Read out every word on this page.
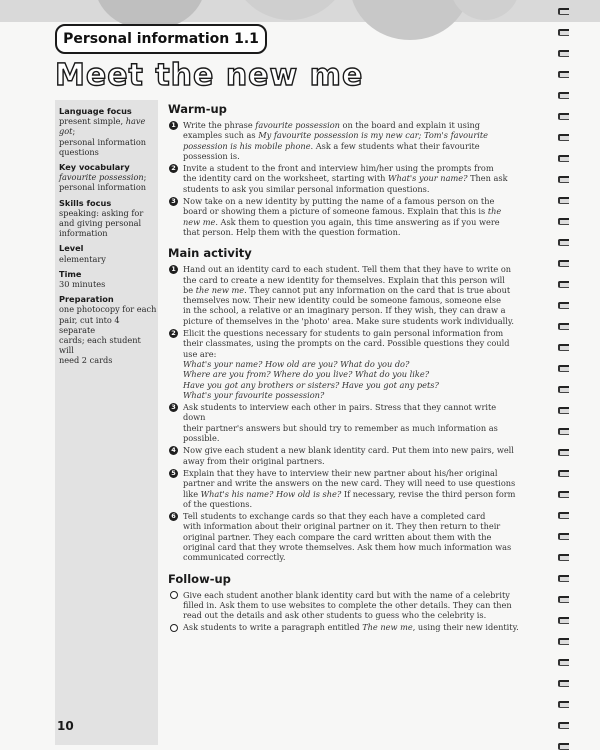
Personal information 1.1
Meet the new me
Language focus
present simple, have got;
personal information
questions
Key vocabulary
favourite possession;
personal information
Skills focus
speaking: asking for
and giving personal
information
Level
elementary
Time
30 minutes
Preparation
one photocopy for each
pair, cut into 4 separate
cards; each student will
need 2 cards
10
Warm-up
1 Write the phrase favourite possession on the board and explain it using
examples such as My favourite possession is my new car; Tom's favourite
possession is his mobile phone. Ask a few students what their favourite
possession is.
2 Invite a student to the front and interview him/her using the prompts from
the identity card on the worksheet, starting with What's your name? Then ask
students to ask you similar personal information questions.
3 Now take on a new identity by putting the name of a famous person on the
board or showing them a picture of someone famous. Explain that this is the
new me. Ask them to question you again, this time answering as if you were
that person. Help them with the question formation.
Main activity
1 Hand out an identity card to each student. Tell them that they have to write on
the card to create a new identity for themselves. Explain that this person will
be the new me. They cannot put any information on the card that is true about
themselves now. Their new identity could be someone famous, someone else
in the school, a relative or an imaginary person. If they wish, they can draw a
picture of themselves in the 'photo' area. Make sure students work individually.
2 Elicit the questions necessary for students to gain personal information from
their classmates, using the prompts on the card. Possible questions they could
use are:
What's your name? How old are you? What do you do?
Where are you from? Where do you live? What do you like?
Have you got any brothers or sisters? Have you got any pets?
What's your favourite possession?
3 Ask students to interview each other in pairs. Stress that they cannot write down
their partner's answers but should try to remember as much information as
possible.
4 Now give each student a new blank identity card. Put them into new pairs, well
away from their original partners.
5 Explain that they have to interview their new partner about his/her original
partner and write the answers on the new card. They will need to use questions
like What's his name? How old is she? If necessary, revise the third person form
of the questions.
6 Tell students to exchange cards so that they each have a completed card
with information about their original partner on it. They then return to their
original partner. They each compare the card written about them with the
original card that they wrote themselves. Ask them how much information was
communicated correctly.
Follow-up
Give each student another blank identity card but with the name of a celebrity
filled in. Ask them to use websites to complete the other details. They can then
read out the details and ask other students to guess who the celebrity is.
Ask students to write a paragraph entitled The new me, using their new identity.
